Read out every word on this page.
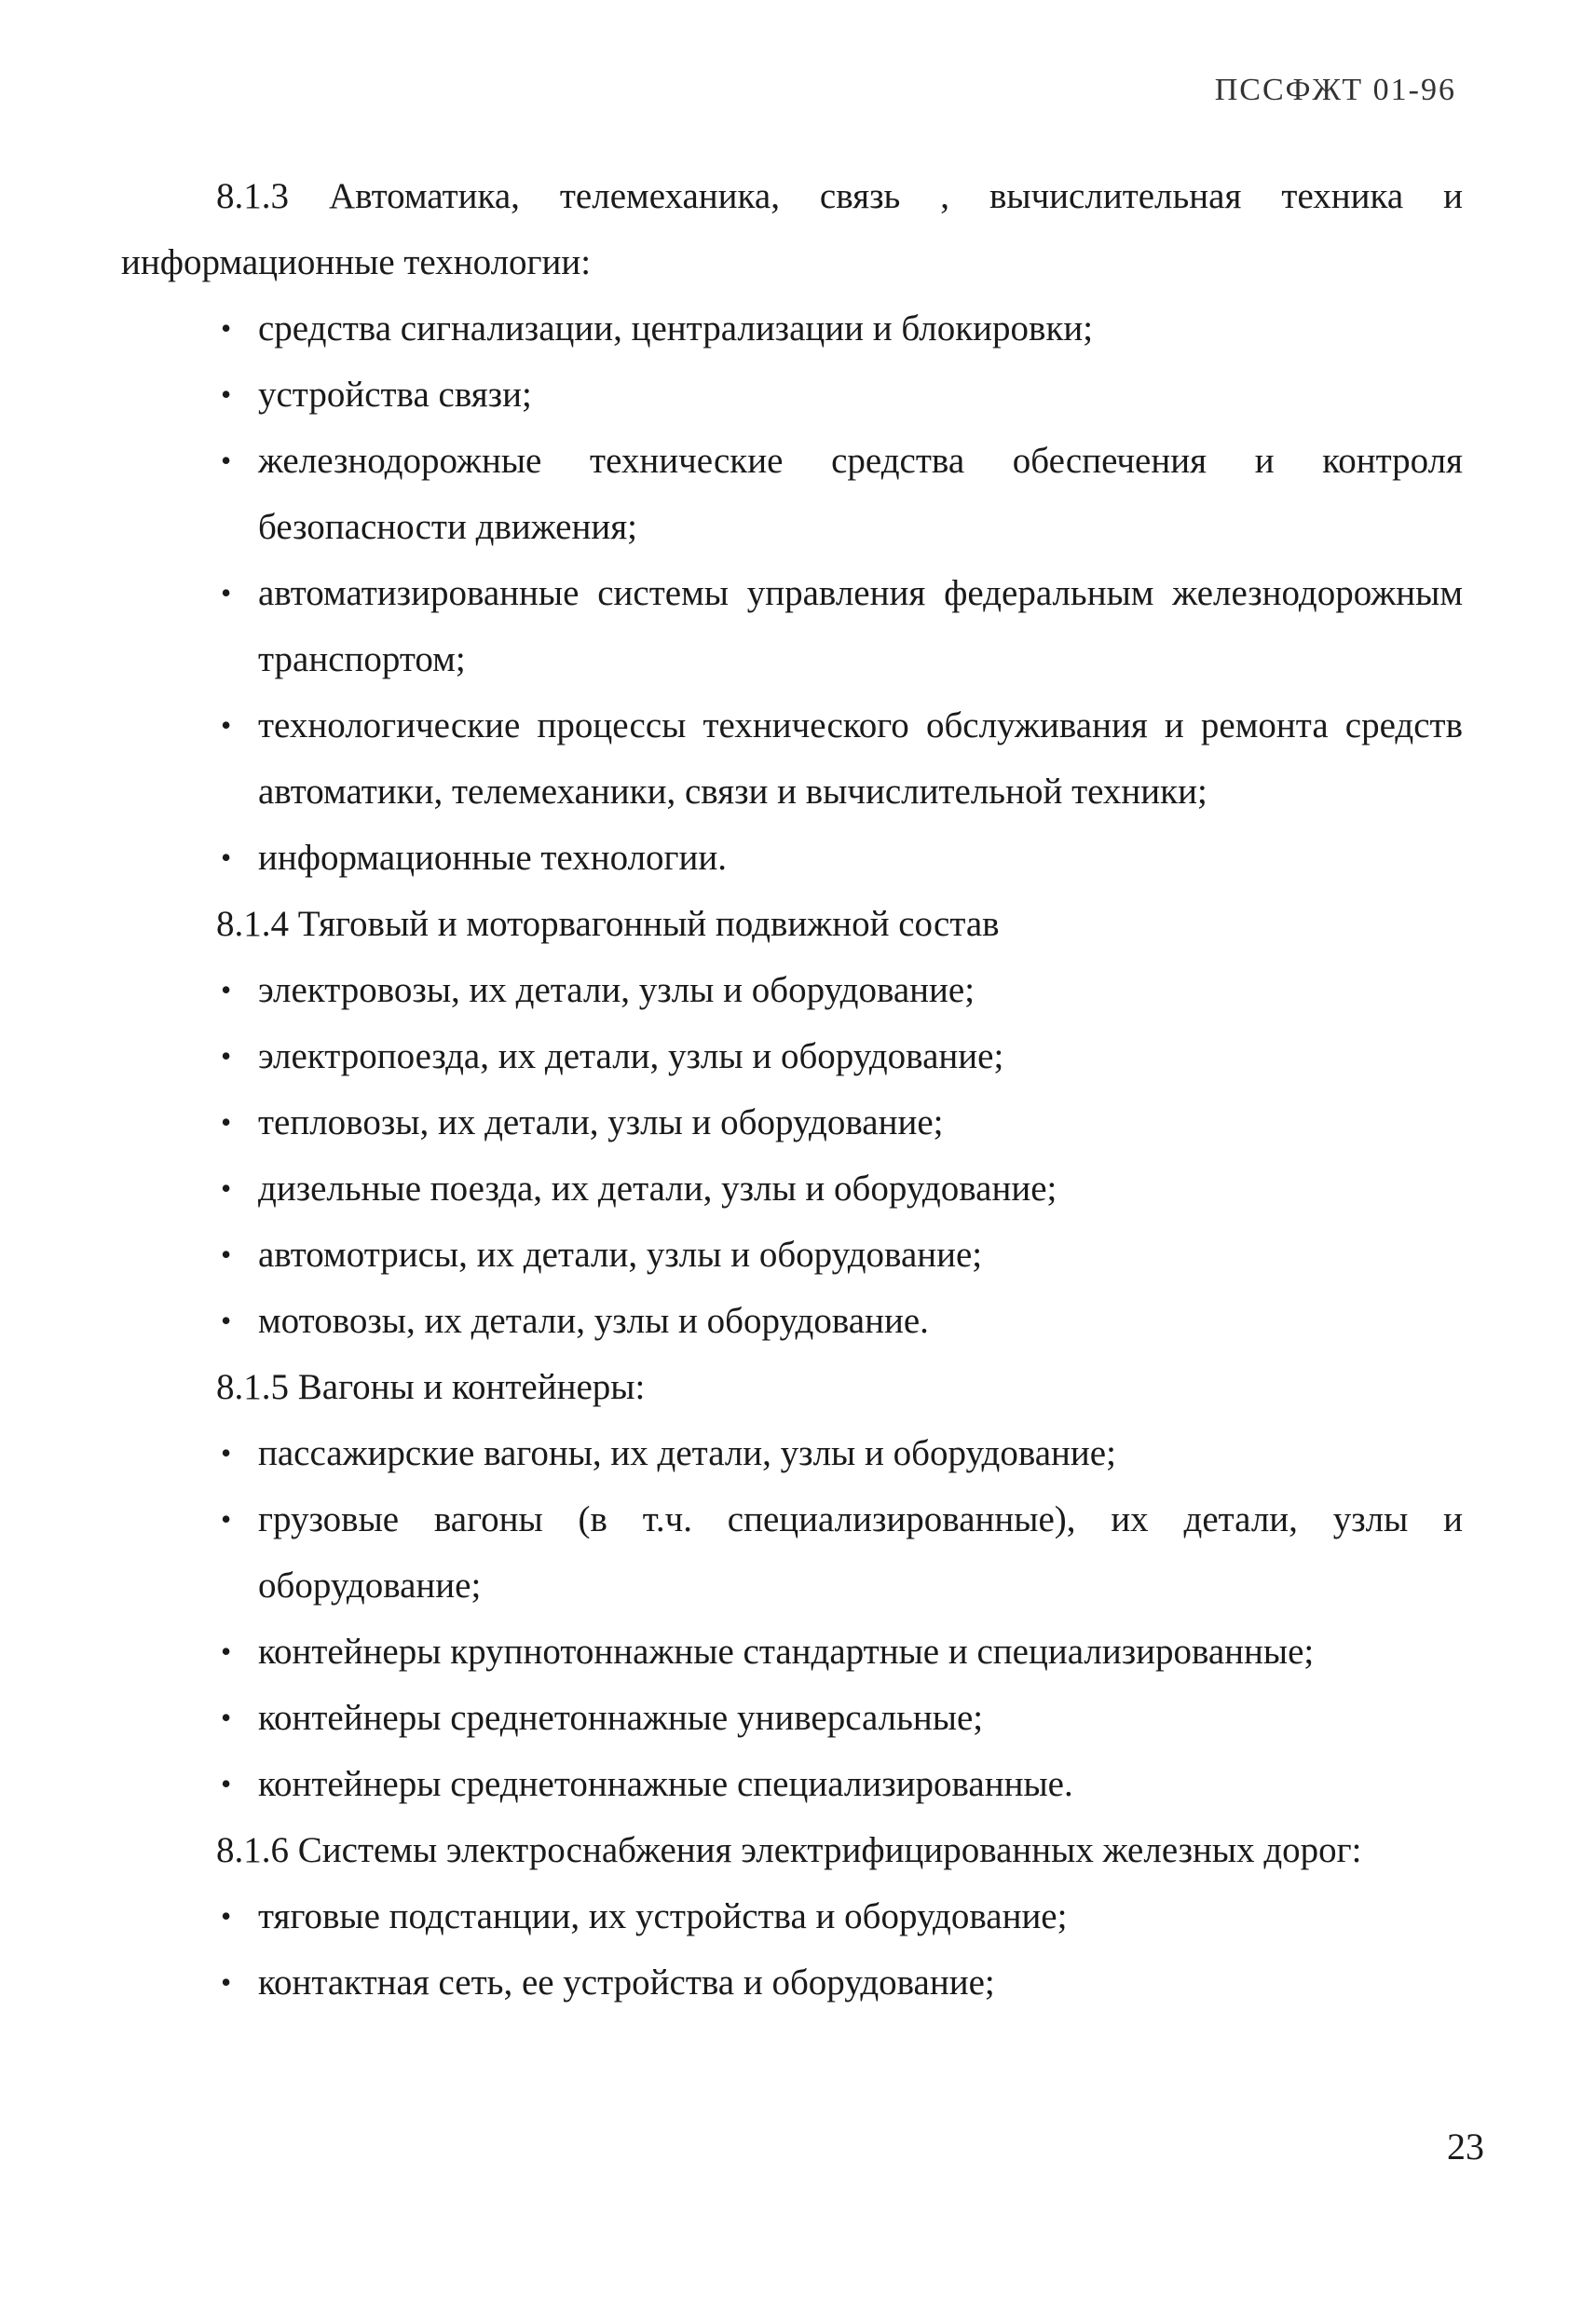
ПССФЖТ 01-96

8.1.3 Автоматика, телемеханика, связь , вычислительная техника и информационные технологии:

• средства сигнализации, централизации и блокировки;
• устройства связи;
• железнодорожные технические средства обеспечения и контроля безопасности движения;
• автоматизированные системы управления федеральным железнодорожным транспортом;
• технологические процессы технического обслуживания и ремонта средств автоматики, телемеханики, связи и вычислительной техники;
• информационные технологии.

8.1.4 Тяговый и моторвагонный подвижной состав

• электровозы, их детали, узлы и оборудование;
• электропоезда, их детали, узлы и оборудование;
• тепловозы, их детали, узлы и оборудование;
• дизельные поезда, их детали, узлы и оборудование;
• автомотрисы, их детали, узлы и оборудование;
• мотовозы, их детали, узлы и оборудование.

8.1.5 Вагоны и контейнеры:

• пассажирские вагоны, их детали, узлы и оборудование;
• грузовые вагоны (в т.ч. специализированные), их детали, узлы и оборудование;
• контейнеры крупнотоннажные стандартные и специализированные;
• контейнеры среднетоннажные универсальные;
• контейнеры среднетоннажные специализированные.

8.1.6 Системы электроснабжения электрифицированных железных дорог:

• тяговые подстанции, их устройства и оборудование;
• контактная сеть, ее устройства и оборудование;
23
